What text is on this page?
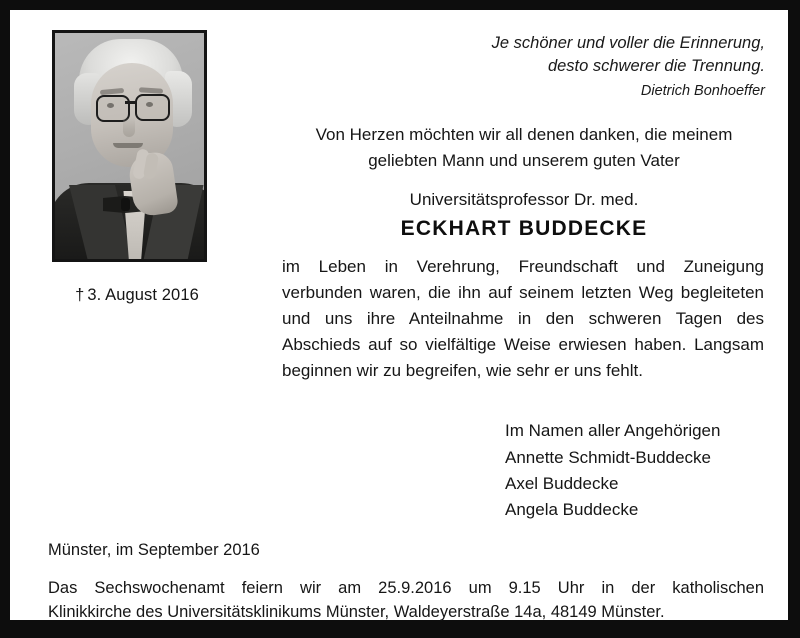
† 3. August 2016
Je schöner und voller die Erinnerung,
desto schwerer die Trennung.
Dietrich Bonhoeffer
Von Herzen möchten wir all denen danken, die meinem geliebten Mann und unserem guten Vater
Universitätsprofessor Dr. med.
ECKHART BUDDECKE
im Leben in Verehrung, Freundschaft und Zuneigung verbunden waren, die ihn auf seinem letzten Weg begleiteten und uns ihre Anteilnahme in den schweren Tagen des Abschieds auf so vielfältige Weise erwiesen haben. Langsam beginnen wir zu begreifen, wie sehr er uns fehlt.
Im Namen aller Angehörigen
Annette Schmidt-Buddecke
Axel Buddecke
Angela Buddecke
Münster, im September 2016
Das Sechswochenamt feiern wir am 25.9.2016 um 9.15 Uhr in der katholischen
Klinikkirche des Universitätsklinikums Münster, Waldeyerstraße 14a, 48149 Münster.
